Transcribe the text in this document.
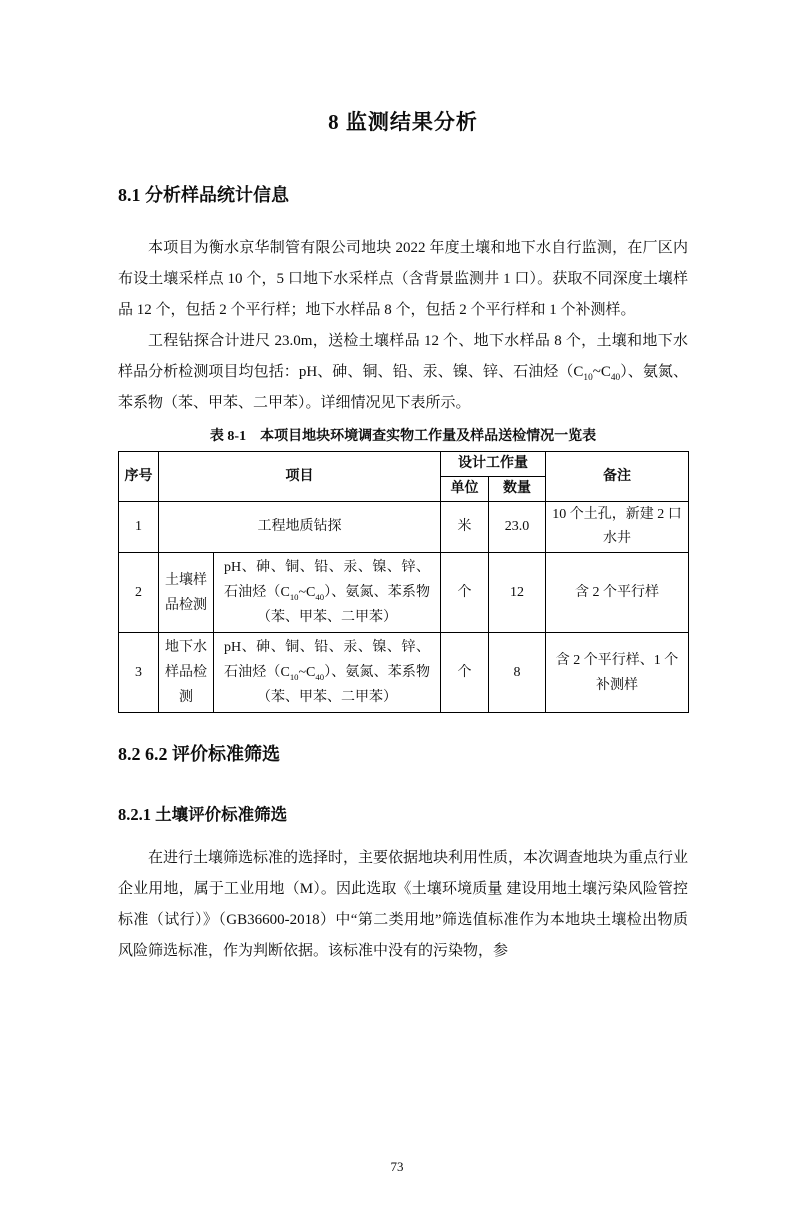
8 监测结果分析
8.1 分析样品统计信息

本项目为衡水京华制管有限公司地块 2022 年度土壤和地下水自行监测，在厂区内布设土壤采样点 10 个，5 口地下水采样点（含背景监测井 1 口）。获取不同深度土壤样品 12 个，包括 2 个平行样；地下水样品 8 个，包括 2 个平行样和 1 个补测样。

工程钻探合计进尺 23.0m，送检土壤样品 12 个、地下水样品 8 个，土壤和地下水样品分析检测项目均包括：pH、砷、铜、铅、汞、镍、锌、石油烃$(C_{10}\sim C_{40})$、氨氮、苯系物（苯、甲苯、二甲苯）。详细情况见下表所示。

表 8-1　本项目地块环境调查实物工作量及样品送检情况一览表
序号	项目		设计工作量		备注
			单位	数量	
1	工程地质钻探		米	23.0	10 个土孔，新建 2 口水井
2	土壤样品检测	pH、砷、铜、铅、汞、镍、锌、石油烃$(C_{10}\sim C_{40})$、氨氮、苯系物（苯、甲苯、二甲苯）	个	12	含 2 个平行样
3	地下水样品检测	pH、砷、铜、铅、汞、镍、锌、石油烃$(C_{10}\sim C_{40})$、氨氮、苯系物（苯、甲苯、二甲苯）	个	8	含 2 个平行样、1 个补测样
8.2 6.2 评价标准筛选
8.2.1 土壤评价标准筛选

在进行土壤筛选标准的选择时，主要依据地块利用性质，本次调查地块为重点行业企业用地，属于工业用地（M）。因此选取《土壤环境质量 建设用地土壤污染风险管控标准（试行）》（GB36600-2018）中“第二类用地”筛选值标准作为本地块土壤检出物质风险筛选标准，作为判断依据。该标准中没有的污染物，参

73
